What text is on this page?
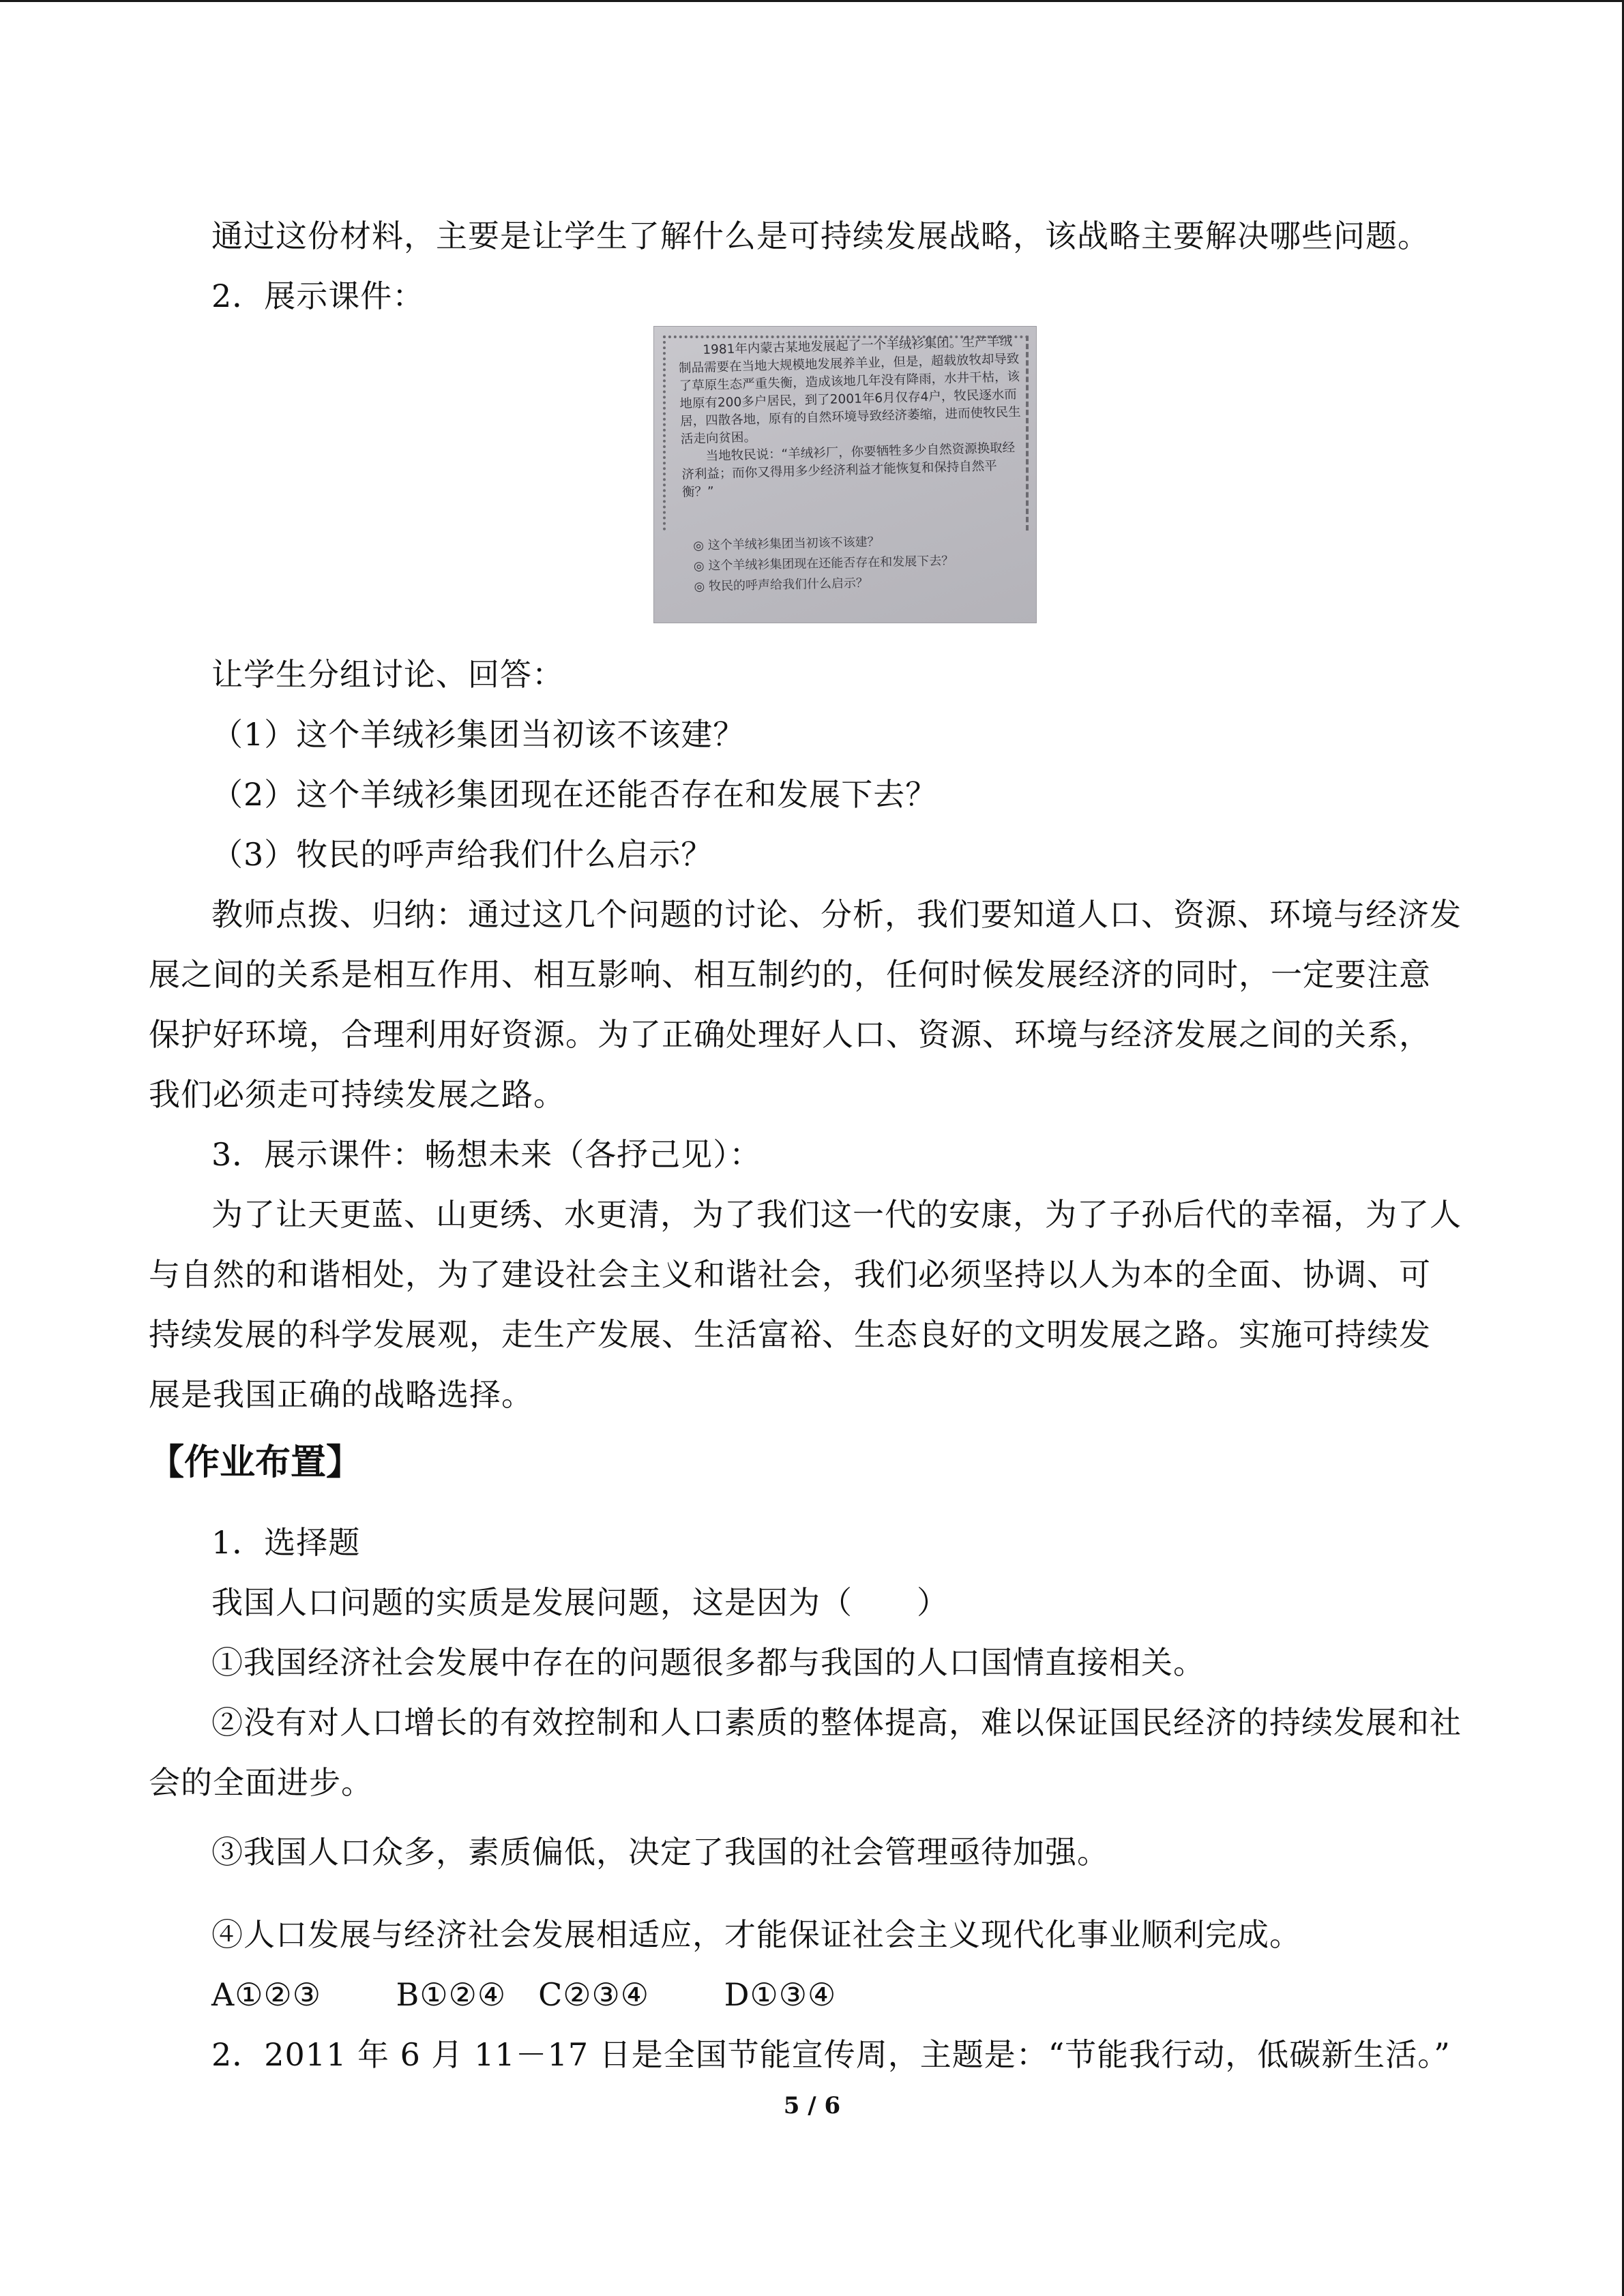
通过这份材料，主要是让学生了解什么是可持续发展战略，该战略主要解决哪些问题。

2．展示课件：

1981年内蒙古某地发展起了一个羊绒衫集团。生产羊绒制品需要在当地大规模地发展养羊业，但是，超载放牧却导致了草原生态严重失衡，造成该地几年没有降雨，水井干枯，该地原有200多户居民，到了2001年6月仅存4户，牧民逐水而居，四散各地，原有的自然环境导致经济萎缩，进而使牧民生活走向贫困。

当地牧民说：“羊绒衫厂，你要牺牲多少自然资源换取经济利益；而你又得用多少经济利益才能恢复和保持自然平衡？”

◎ 这个羊绒衫集团当初该不该建？

◎ 这个羊绒衫集团现在还能否存在和发展下去？

◎ 牧民的呼声给我们什么启示？

让学生分组讨论、回答：

（1）这个羊绒衫集团当初该不该建？

（2）这个羊绒衫集团现在还能否存在和发展下去？

（3）牧民的呼声给我们什么启示？

教师点拨、归纳：通过这几个问题的讨论、分析，我们要知道人口、资源、环境与经济发展之间的关系是相互作用、相互影响、相互制约的，任何时候发展经济的同时，一定要注意保护好环境，合理利用好资源。为了正确处理好人口、资源、环境与经济发展之间的关系，我们必须走可持续发展之路。

3．展示课件：畅想未来（各抒己见）：

为了让天更蓝、山更绣、水更清，为了我们这一代的安康，为了子孙后代的幸福，为了人与自然的和谐相处，为了建设社会主义和谐社会，我们必须坚持以人为本的全面、协调、可持续发展的科学发展观，走生产发展、生活富裕、生态良好的文明发展之路。实施可持续发展是我国正确的战略选择。

【作业布置】

1．选择题

我国人口问题的实质是发展问题，这是因为（　　）

①我国经济社会发展中存在的问题很多都与我国的人口国情直接相关。

②没有对人口增长的有效控制和人口素质的整体提高，难以保证国民经济的持续发展和社会的全面进步。

③我国人口众多，素质偏低，决定了我国的社会管理亟待加强。

④人口发展与经济社会发展相适应，才能保证社会主义现代化事业顺利完成。

A①②③　　 B①②④　C②③④　　 D①③④

2．2011 年 6 月 11－17 日是全国节能宣传周，主题是：“节能我行动，低碳新生活。”

5 / 6
